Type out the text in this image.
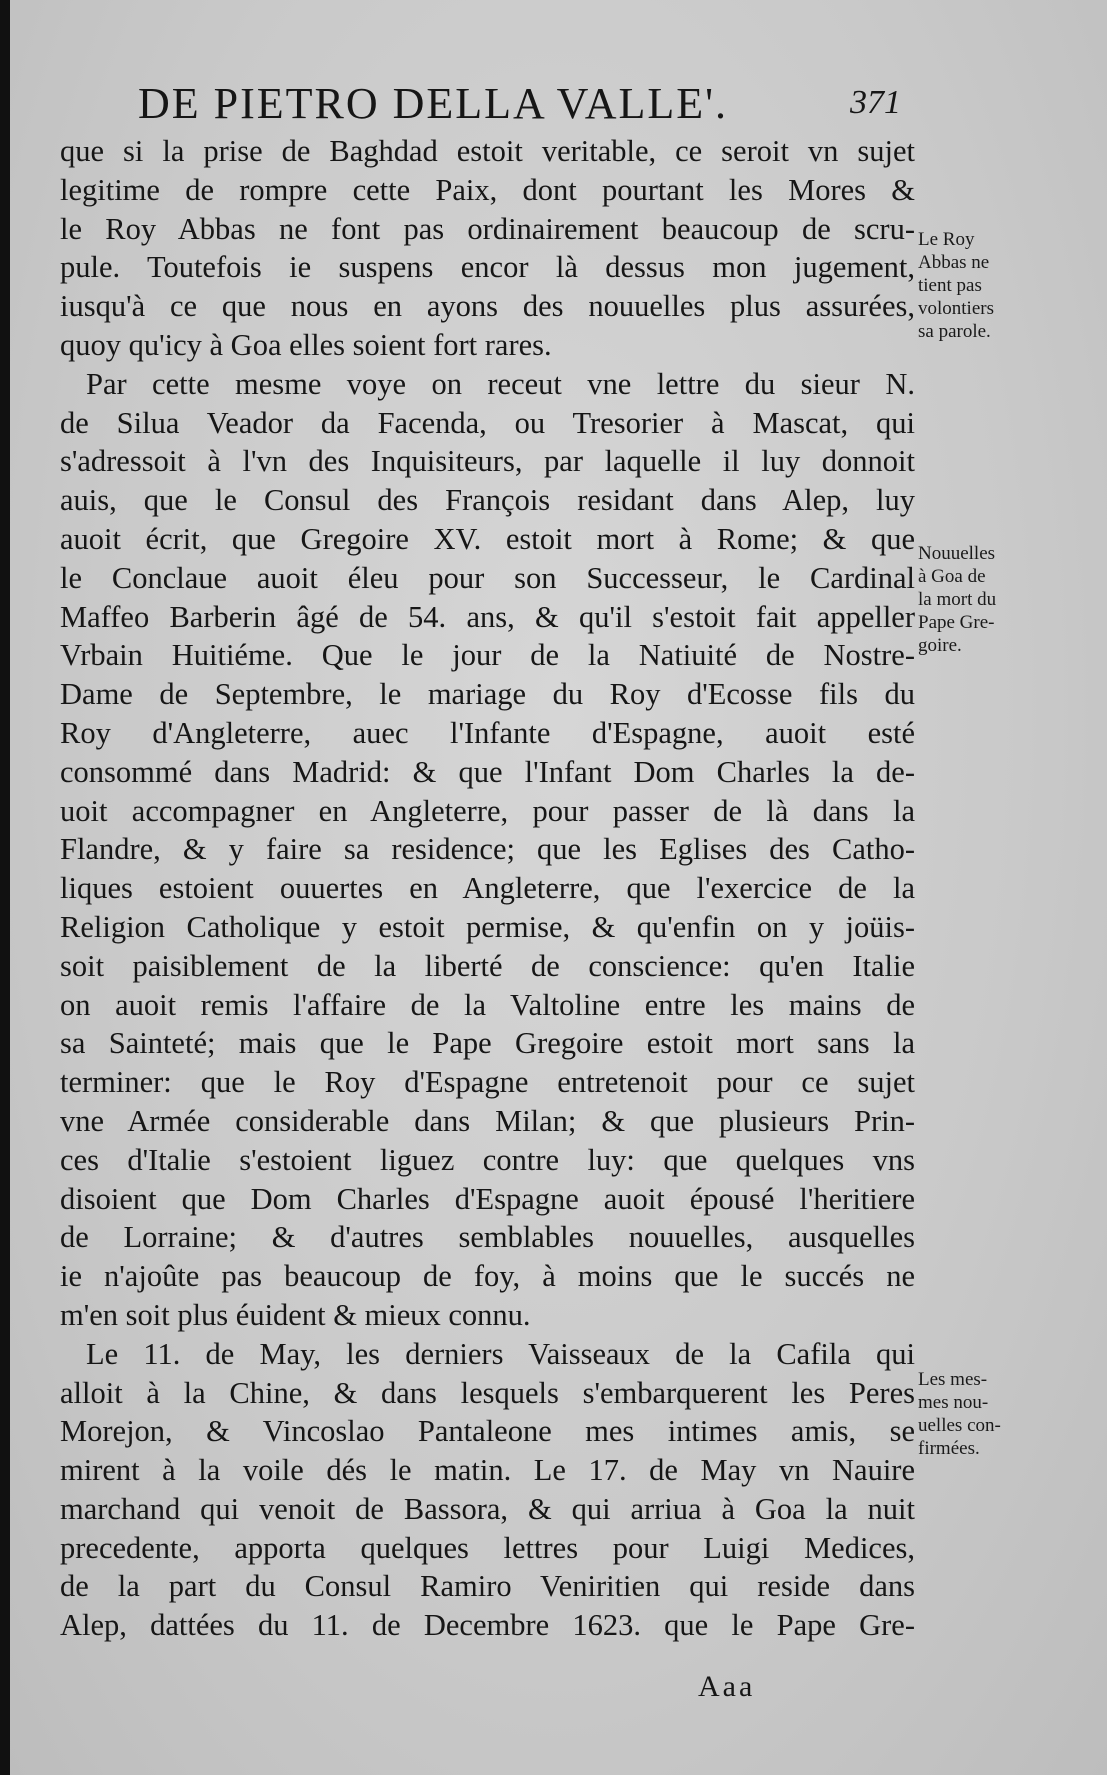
DE PIETRO DELLA VALLE'.	371
que si la prise de Baghdad estoit veritable, ce seroit vn sujet
legitime de rompre cette Paix, dont pourtant les Mores &
le Roy Abbas ne font pas ordinairement beaucoup de scru-
pule. Toutefois ie suspens encor là dessus mon jugement,
iusqu'à ce que nous en ayons des nouuelles plus assurées,
quoy qu'icy à Goa elles soient fort rares.
Par cette mesme voye on receut vne lettre du sieur N.
de Silua Veador da Facenda, ou Tresorier à Mascat, qui
s'adressoit à l'vn des Inquisiteurs, par laquelle il luy donnoit
auis, que le Consul des François residant dans Alep, luy
auoit écrit, que Gregoire XV. estoit mort à Rome; & que
le Conclaue auoit éleu pour son Successeur, le Cardinal
Maffeo Barberin âgé de 54. ans, & qu'il s'estoit fait appeller
Vrbain Huitiéme. Que le jour de la Natiuité de Nostre-
Dame de Septembre, le mariage du Roy d'Ecosse fils du
Roy d'Angleterre, auec l'Infante d'Espagne, auoit esté
consommé dans Madrid: & que l'Infant Dom Charles la de-
uoit accompagner en Angleterre, pour passer de là dans la
Flandre, & y faire sa residence; que les Eglises des Catho-
liques estoient ouuertes en Angleterre, que l'exercice de la
Religion Catholique y estoit permise, & qu'enfin on y joüis-
soit paisiblement de la liberté de conscience: qu'en Italie
on auoit remis l'affaire de la Valtoline entre les mains de
sa Sainteté; mais que le Pape Gregoire estoit mort sans la
terminer: que le Roy d'Espagne entretenoit pour ce sujet
vne Armée considerable dans Milan; & que plusieurs Prin-
ces d'Italie s'estoient liguez contre luy: que quelques vns
disoient que Dom Charles d'Espagne auoit épousé l'heritiere
de Lorraine; & d'autres semblables nouuelles, ausquelles
ie n'ajoûte pas beaucoup de foy, à moins que le succés ne
m'en soit plus éuident & mieux connu.
Le 11. de May, les derniers Vaisseaux de la Cafila qui
alloit à la Chine, & dans lesquels s'embarquerent les Peres
Morejon, & Vincoslao Pantaleone mes intimes amis, se
mirent à la voile dés le matin. Le 17. de May vn Nauire
marchand qui venoit de Bassora, & qui arriua à Goa la nuit
precedente, apporta quelques lettres pour Luigi Medices,
de la part du Consul Ramiro Veniritien qui reside dans
Alep, dattées du 11. de Decembre 1623. que le Pape Gre-
Le Roy
Abbas ne
tient pas
volontiers
sa parole.
Nouuelles
à Goa de
la mort du
Pape Gre-
goire.
Les mes-
mes nou-
uelles con-
firmées.
Aaa
